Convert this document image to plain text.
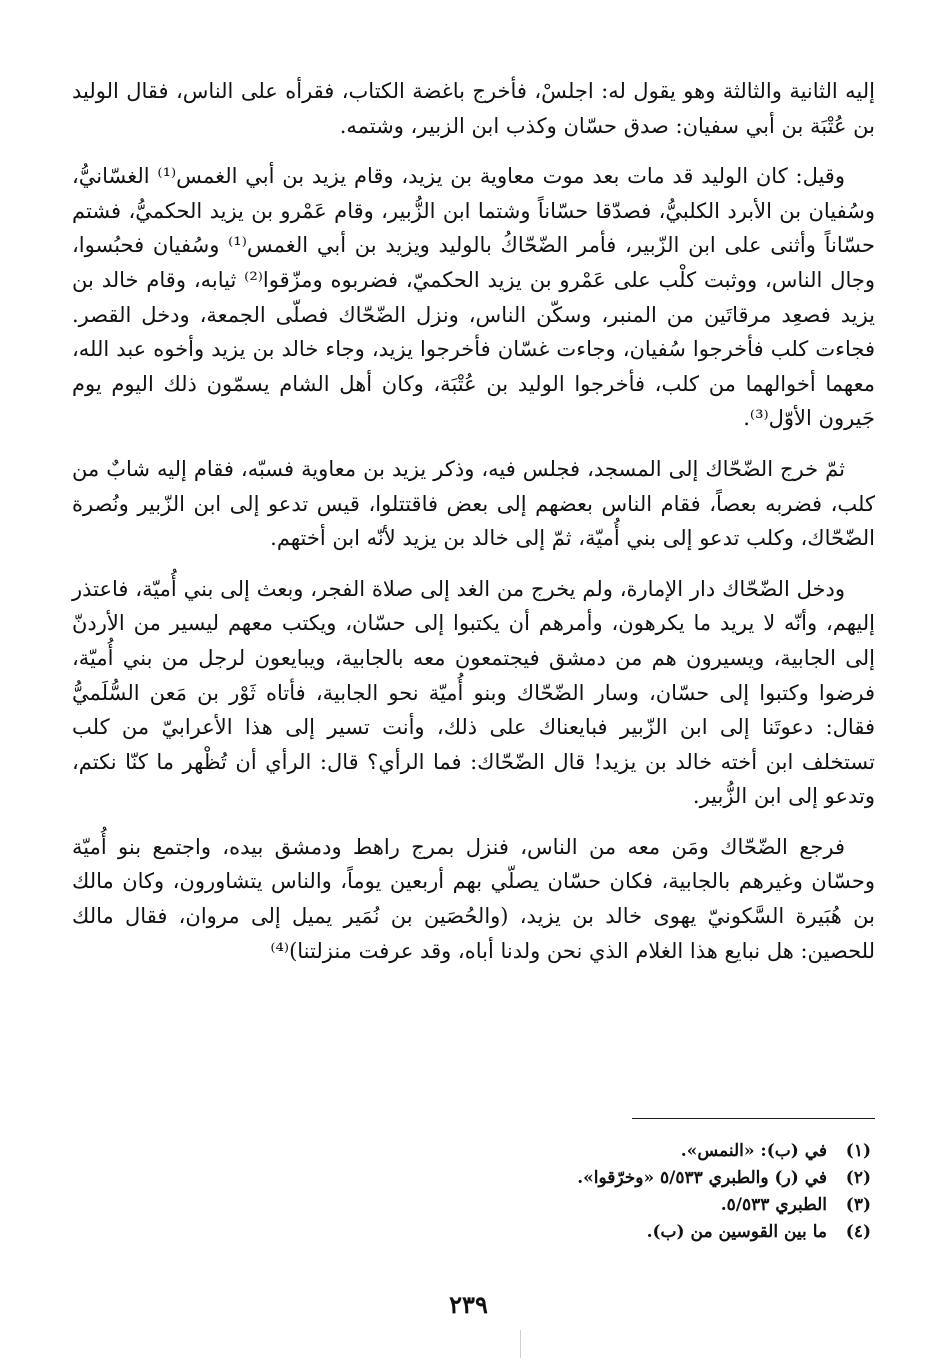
إليه الثانية والثالثة وهو يقول له: اجلسْ، فأخرج باغضة الكتاب، فقرأه على الناس، فقال الوليد بن عُتْبَة بن أبي سفيان: صدق حسّان وكذب ابن الزبير، وشتمه.

وقيل: كان الوليد قد مات بعد موت معاوية بن يزيد، وقام يزيد بن أبي الغمس⁽¹⁾ الغسّانيُّ، وسُفيان بن الأبرد الكلبيُّ، فصدّقا حسّاناً وشتما ابن الزُّبير، وقام عَمْرو بن يزيد الحكميُّ، فشتم حسّاناً وأثنى على ابن الزّبير، فأمر الضّحّاكُ بالوليد ويزيد بن أبي الغمس⁽¹⁾ وسُفيان فحبُسوا، وجال الناس، ووثبت كلْب على عَمْرو بن يزيد الحكميّ، فضربوه ومزّقوا⁽²⁾ ثيابه، وقام خالد بن يزيد فصعِد مرقاتَين من المنبر، وسكّن الناس، ونزل الضّحّاك فصلّى الجمعة، ودخل القصر. فجاءت كلب فأخرجوا سُفيان، وجاءت غسّان فأخرجوا يزيد، وجاء خالد بن يزيد وأخوه عبد الله، معهما أخوالهما من كلب، فأخرجوا الوليد بن عُتْبَة، وكان أهل الشام يسمّون ذلك اليوم يوم جَيرون الأوّل⁽³⁾.

ثمّ خرج الضّحّاك إلى المسجد، فجلس فيه، وذكر يزيد بن معاوية فسبّه، فقام إليه شابٌ من كلب، فضربه بعصاً، فقام الناس بعضهم إلى بعض فاقتتلوا، قيس تدعو إلى ابن الزّبير ونُصرة الضّحّاك، وكلب تدعو إلى بني أُميّة، ثمّ إلى خالد بن يزيد لأنّه ابن أختهم.

ودخل الضّحّاك دار الإمارة، ولم يخرج من الغد إلى صلاة الفجر، وبعث إلى بني أُميّة، فاعتذر إليهم، وأنّه لا يريد ما يكرهون، وأمرهم أن يكتبوا إلى حسّان، ويكتب معهم ليسير من الأردنّ إلى الجابية، ويسيرون هم من دمشق فيجتمعون معه بالجابية، ويبايعون لرجل من بني أُميّة، فرضوا وكتبوا إلى حسّان، وسار الضّحّاك وبنو أُميّة نحو الجابية، فأتاه ثَوْر بن مَعن السُّلَميُّ فقال: دعوتَنا إلى ابن الزّبير فبايعناك على ذلك، وأنت تسير إلى هذا الأعرابيّ من كلب تستخلف ابن أخته خالد بن يزيد! قال الضّحّاك: فما الرأي؟ قال: الرأي أن تُظْهر ما كنّا نكتم، وتدعو إلى ابن الزُّبير.

فرجع الضّحّاك ومَن معه من الناس، فنزل بمرج راهط ودمشق بيده، واجتمع بنو أُميّة وحسّان وغيرهم بالجابية، فكان حسّان يصلّي بهم أربعين يوماً، والناس يتشاورون، وكان مالك بن هُبَيرة السَّكونيّ يهوى خالد بن يزيد، (والحُصَين بن نُمَير يميل إلى مروان، فقال مالك للحصين: هل نبايع هذا الغلام الذي نحن ولدنا أباه، وقد عرفت منزلتنا)⁽⁴⁾

(١)
في (ب): «النمس».
(٢)
في (ر) والطبري ٥/٥٣٣ «وخرّقوا».
(٣)
الطبري ٥/٥٣٣.
(٤)
ما بين القوسين من (ب).
٢٣٩
